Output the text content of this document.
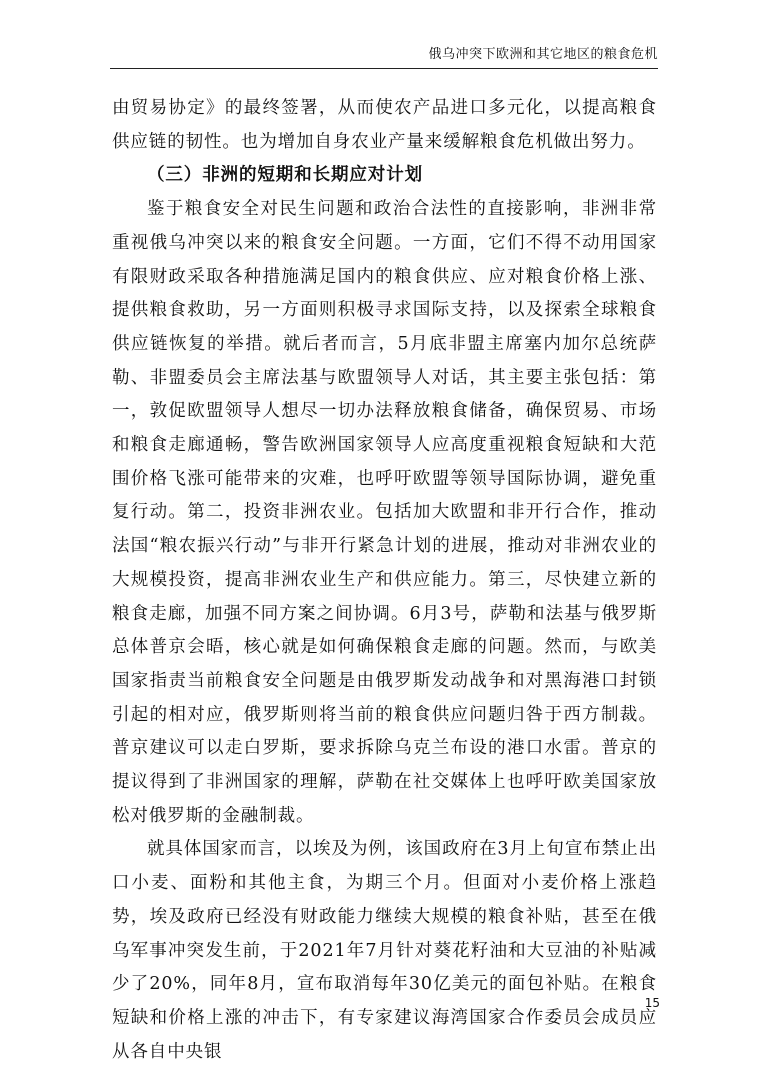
俄乌冲突下欧洲和其它地区的粮食危机

由贸易协定》的最终签署，从而使农产品进口多元化，以提高粮食供应链的韧性。也为增加自身农业产量来缓解粮食危机做出努力。

（三）非洲的短期和长期应对计划

鉴于粮食安全对民生问题和政治合法性的直接影响，非洲非常重视俄乌冲突以来的粮食安全问题。一方面，它们不得不动用国家有限财政采取各种措施满足国内的粮食供应、应对粮食价格上涨、提供粮食救助，另一方面则积极寻求国际支持，以及探索全球粮食供应链恢复的举措。就后者而言，5月底非盟主席塞内加尔总统萨勒、非盟委员会主席法基与欧盟领导人对话，其主要主张包括：第一，敦促欧盟领导人想尽一切办法释放粮食储备，确保贸易、市场和粮食走廊通畅，警告欧洲国家领导人应高度重视粮食短缺和大范围价格飞涨可能带来的灾难，也呼吁欧盟等领导国际协调，避免重复行动。第二，投资非洲农业。包括加大欧盟和非开行合作，推动法国“粮农振兴行动”与非开行紧急计划的进展，推动对非洲农业的大规模投资，提高非洲农业生产和供应能力。第三，尽快建立新的粮食走廊，加强不同方案之间协调。6月3号，萨勒和法基与俄罗斯总体普京会晤，核心就是如何确保粮食走廊的问题。然而，与欧美国家指责当前粮食安全问题是由俄罗斯发动战争和对黑海港口封锁引起的相对应，俄罗斯则将当前的粮食供应问题归咎于西方制裁。普京建议可以走白罗斯，要求拆除乌克兰布设的港口水雷。普京的提议得到了非洲国家的理解，萨勒在社交媒体上也呼吁欧美国家放松对俄罗斯的金融制裁。

就具体国家而言，以埃及为例，该国政府在3月上旬宣布禁止出口小麦、面粉和其他主食，为期三个月。但面对小麦价格上涨趋势，埃及政府已经没有财政能力继续大规模的粮食补贴，甚至在俄乌军事冲突发生前，于2021年7月针对葵花籽油和大豆油的补贴减少了20%，同年8月，宣布取消每年30亿美元的面包补贴。在粮食短缺和价格上涨的冲击下，有专家建议海湾国家合作委员会成员应从各自中央银

15
